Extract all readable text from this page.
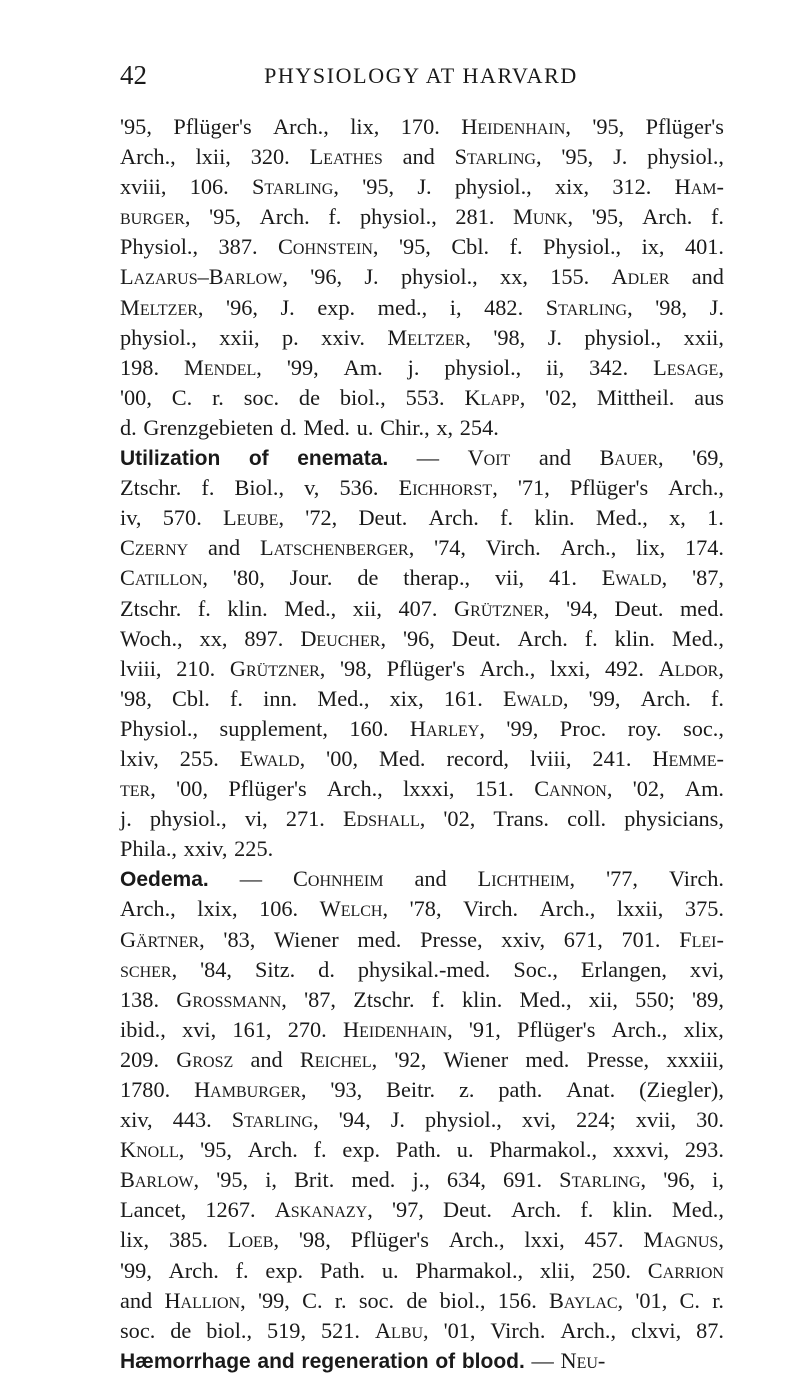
42	PHYSIOLOGY AT HARVARD
'95, Pflüger's Arch., lix, 170. Heidenhain, '95, Pflüger's
Arch., lxii, 320. Leathes and Starling, '95, J. physiol.,
xviii, 106. Starling, '95, J. physiol., xix, 312. Ham-
burger, '95, Arch. f. physiol., 281. Munk, '95, Arch. f.
Physiol., 387. Cohnstein, '95, Cbl. f. Physiol., ix, 401.
Lazarus–Barlow, '96, J. physiol., xx, 155. Adler and
Meltzer, '96, J. exp. med., i, 482. Starling, '98, J.
physiol., xxii, p. xxiv. Meltzer, '98, J. physiol., xxii,
198. Mendel, '99, Am. j. physiol., ii, 342. Lesage,
'00, C. r. soc. de biol., 553. Klapp, '02, Mittheil. aus
d. Grenzgebieten d. Med. u. Chir., x, 254.
Utilization of enemata. — Voit and Bauer, '69,
Ztschr. f. Biol., v, 536. Eichhorst, '71, Pflüger's Arch.,
iv, 570. Leube, '72, Deut. Arch. f. klin. Med., x, 1.
Czerny and Latschenberger, '74, Virch. Arch., lix, 174.
Catillon, '80, Jour. de therap., vii, 41. Ewald, '87,
Ztschr. f. klin. Med., xii, 407. Grützner, '94, Deut. med.
Woch., xx, 897. Deucher, '96, Deut. Arch. f. klin. Med.,
lviii, 210. Grützner, '98, Pflüger's Arch., lxxi, 492. Aldor,
'98, Cbl. f. inn. Med., xix, 161. Ewald, '99, Arch. f.
Physiol., supplement, 160. Harley, '99, Proc. roy. soc.,
lxiv, 255. Ewald, '00, Med. record, lviii, 241. Hemme-
ter, '00, Pflüger's Arch., lxxxi, 151. Cannon, '02, Am.
j. physiol., vi, 271. Edshall, '02, Trans. coll. physicians,
Phila., xxiv, 225.
Oedema. — Cohnheim and Lichtheim, '77, Virch.
Arch., lxix, 106. Welch, '78, Virch. Arch., lxxii, 375.
Gärtner, '83, Wiener med. Presse, xxiv, 671, 701. Flei-
scher, '84, Sitz. d. physikal.-med. Soc., Erlangen, xvi,
138. Grossmann, '87, Ztschr. f. klin. Med., xii, 550; '89,
ibid., xvi, 161, 270. Heidenhain, '91, Pflüger's Arch., xlix,
209. Grosz and Reichel, '92, Wiener med. Presse, xxxiii,
1780. Hamburger, '93, Beitr. z. path. Anat. (Ziegler),
xiv, 443. Starling, '94, J. physiol., xvi, 224; xvii, 30.
Knoll, '95, Arch. f. exp. Path. u. Pharmakol., xxxvi, 293.
Barlow, '95, i, Brit. med. j., 634, 691. Starling, '96, i,
Lancet, 1267. Askanazy, '97, Deut. Arch. f. klin. Med.,
lix, 385. Loeb, '98, Pflüger's Arch., lxxi, 457. Magnus,
'99, Arch. f. exp. Path. u. Pharmakol., xlii, 250. Carrion
and Hallion, '99, C. r. soc. de biol., 156. Baylac, '01, C. r.
soc. de biol., 519, 521. Albu, '01, Virch. Arch., clxvi, 87.
Hæmorrhage and regeneration of blood. — Neu-
